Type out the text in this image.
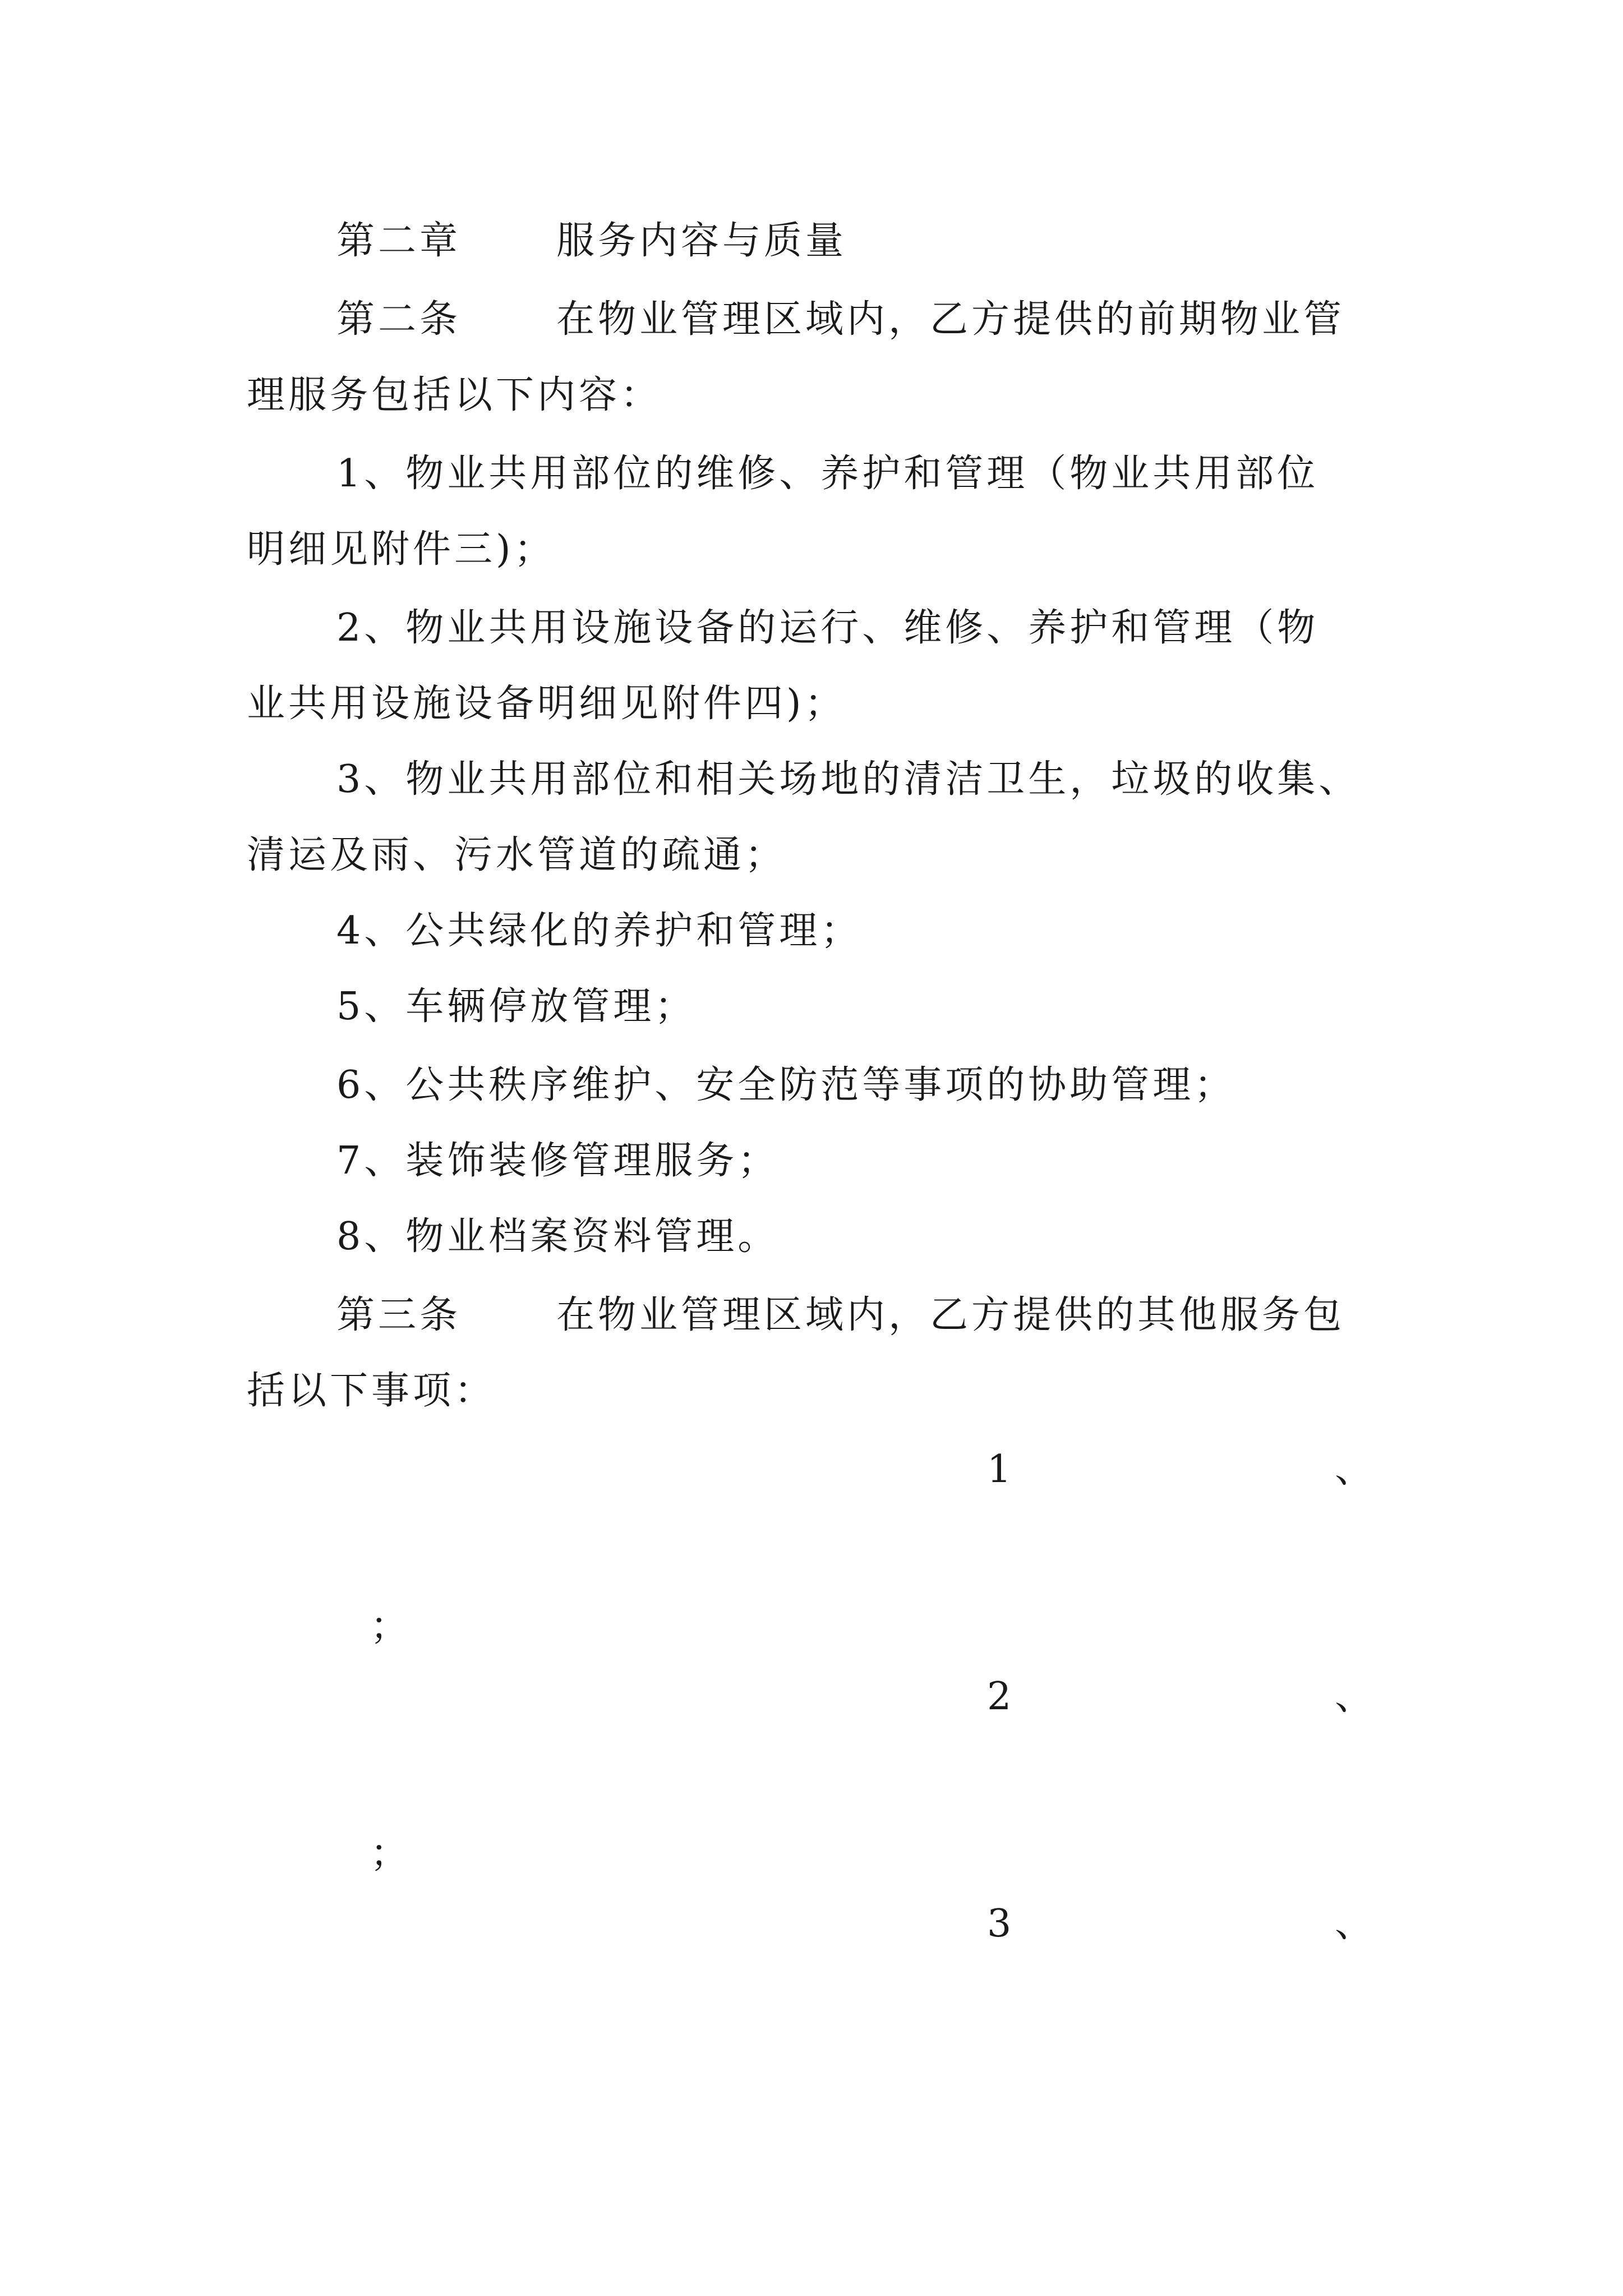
第二章	服务内容与质量
第二条	在物业管理区域内，乙方提供的前期物业管
理服务包括以下内容：
1、物业共用部位的维修、养护和管理（物业共用部位
明细见附件三)；
2、物业共用设施设备的运行、维修、养护和管理（物
业共用设施设备明细见附件四)；
3、物业共用部位和相关场地的清洁卫生，垃圾的收集、
清运及雨、污水管道的疏通；
4、公共绿化的养护和管理；
5、车辆停放管理；
6、公共秩序维护、安全防范等事项的协助管理；
7、装饰装修管理服务；
8、物业档案资料管理。
第三条	在物业管理区域内，乙方提供的其他服务包
括以下事项：
1	、
；
2	、
；
3	、
